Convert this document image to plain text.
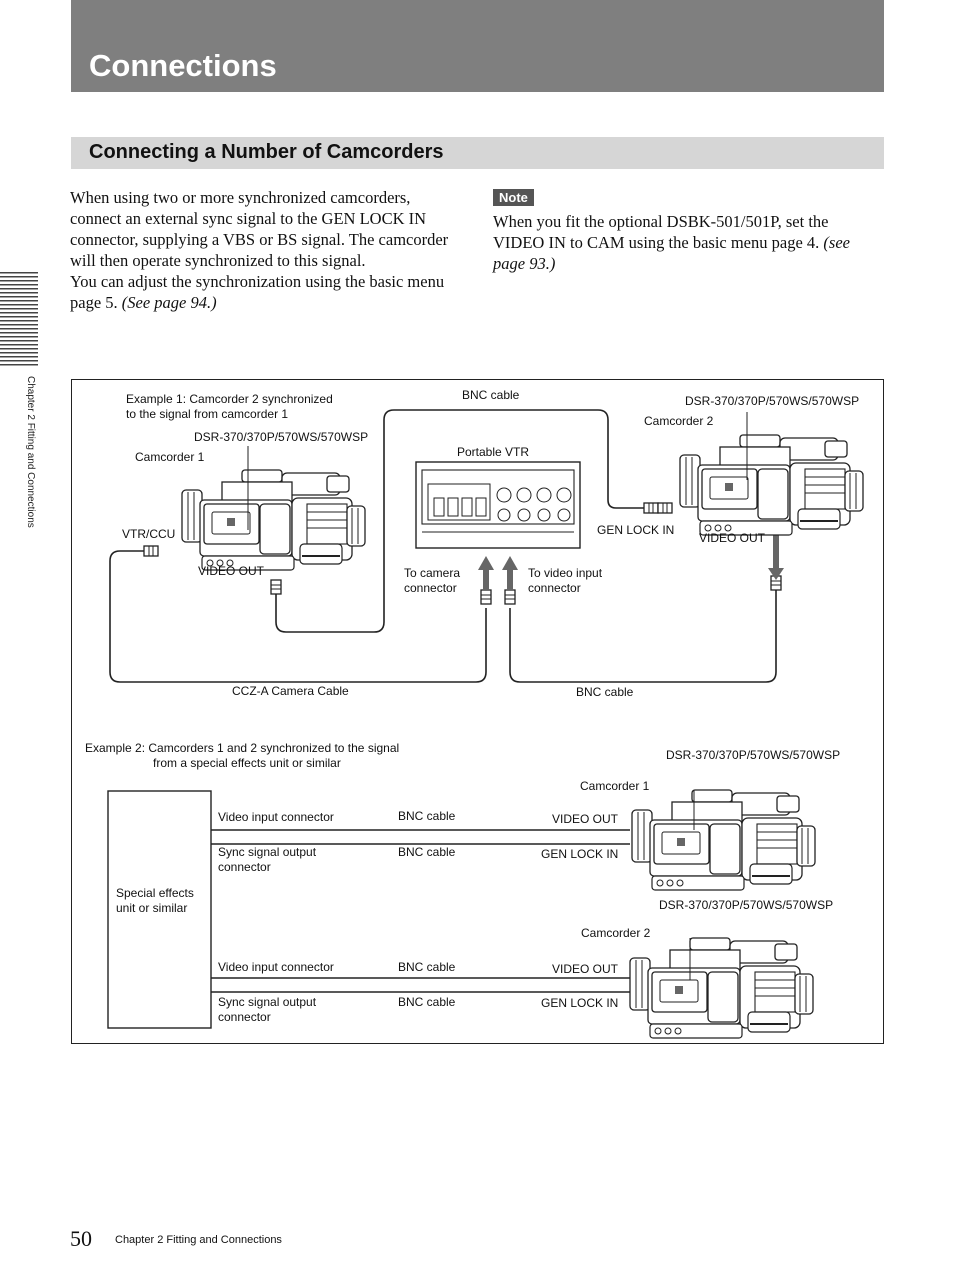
Connections
Connecting a Number of Camcorders

When using two or more synchronized camcorders, connect an external sync signal to the GEN LOCK IN connector, supplying a VBS or BS signal. The camcorder will then operate synchronized to this signal.

You can adjust the synchronization using the basic menu page 5. (See page 94.)

Note

When you fit the optional DSBK-501/501P, set the VIDEO IN to CAM using the basic menu page 4. (see page 93.)

Chapter 2 Fitting and Connections	Example 1: Camcorder 2 synchronized
to the signal from camcorder 1
DSR-370/370P/570WS/570WSP
Camcorder 1
VTR/CCU
VIDEO OUT
BNC cable
Portable VTR
To camera
connector
To video input
connector
DSR-370/370P/570WS/570WSP
Camcorder 2
GEN LOCK IN
VIDEO OUT
CCZ-A Camera Cable	BNC cable
Example 2: Camcorders 1 and 2 synchronized to the signal
from a special effects unit or similar
Special effects
unit or similar
Video input connector	BNC cable
Sync signal output
connector
BNC cable
Video input connector	BNC cable
Sync signal output
connector
BNC cable
DSR-370/370P/570WS/570WSP
Camcorder 1
VIDEO OUT
GEN LOCK IN
DSR-370/370P/570WS/570WSP
Camcorder 2
VIDEO OUT
GEN LOCK IN
50 Chapter 2 Fitting and Connections
